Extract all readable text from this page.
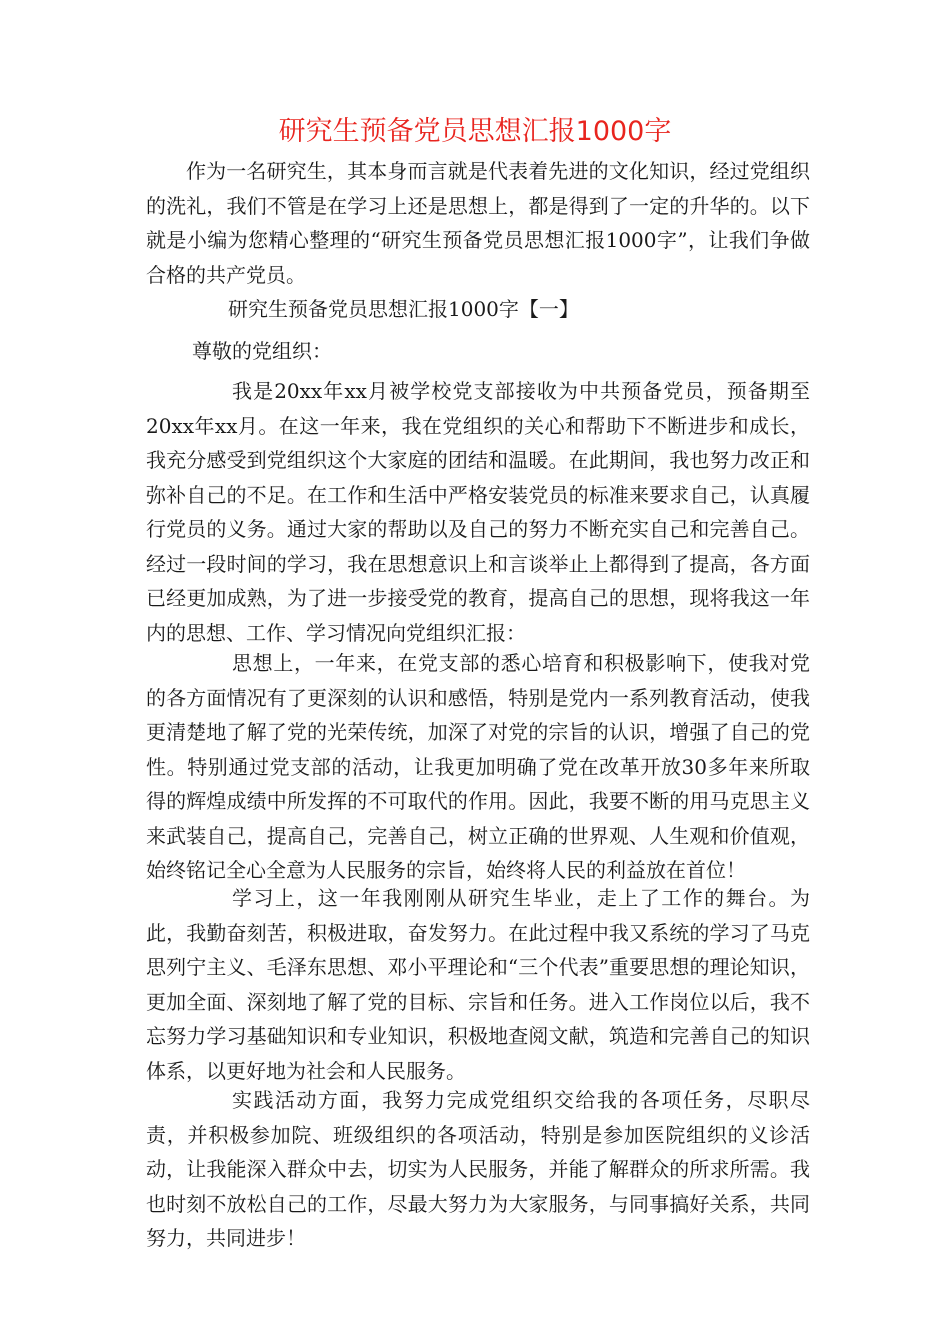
研究生预备党员思想汇报1000字

作为一名研究生，其本身而言就是代表着先进的文化知识，经过党组织的洗礼，我们不管是在学习上还是思想上，都是得到了一定的升华的。以下就是小编为您精心整理的“研究生预备党员思想汇报1000字”，让我们争做合格的共产党员。

研究生预备党员思想汇报1000字【一】

尊敬的党组织：

我是20xx年xx月被学校党支部接收为中共预备党员，预备期至20xx年xx月。在这一年来，我在党组织的关心和帮助下不断进步和成长，我充分感受到党组织这个大家庭的团结和温暖。在此期间，我也努力改正和弥补自己的不足。在工作和生活中严格安装党员的标准来要求自己，认真履行党员的义务。通过大家的帮助以及自己的努力不断充实自己和完善自己。经过一段时间的学习，我在思想意识上和言谈举止上都得到了提高，各方面已经更加成熟，为了进一步接受党的教育，提高自己的思想，现将我这一年内的思想、工作、学习情况向党组织汇报：

思想上，一年来，在党支部的悉心培育和积极影响下，使我对党的各方面情况有了更深刻的认识和感悟，特别是党内一系列教育活动，使我更清楚地了解了党的光荣传统，加深了对党的宗旨的认识，增强了自己的党性。特别通过党支部的活动，让我更加明确了党在改革开放30多年来所取得的辉煌成绩中所发挥的不可取代的作用。因此，我要不断的用马克思主义来武装自己，提高自己，完善自己，树立正确的世界观、人生观和价值观，始终铭记全心全意为人民服务的宗旨，始终将人民的利益放在首位！

学习上，这一年我刚刚从研究生毕业，走上了工作的舞台。为此，我勤奋刻苦，积极进取，奋发努力。在此过程中我又系统的学习了马克思列宁主义、毛泽东思想、邓小平理论和“三个代表”重要思想的理论知识，更加全面、深刻地了解了党的目标、宗旨和任务。进入工作岗位以后，我不忘努力学习基础知识和专业知识，积极地查阅文献，筑造和完善自己的知识体系，以更好地为社会和人民服务。

实践活动方面，我努力完成党组织交给我的各项任务，尽职尽责，并积极参加院、班级组织的各项活动，特别是参加医院组织的义诊活动，让我能深入群众中去，切实为人民服务，并能了解群众的所求所需。我也时刻不放松自己的工作，尽最大努力为大家服务，与同事搞好关系，共同努力，共同进步！
